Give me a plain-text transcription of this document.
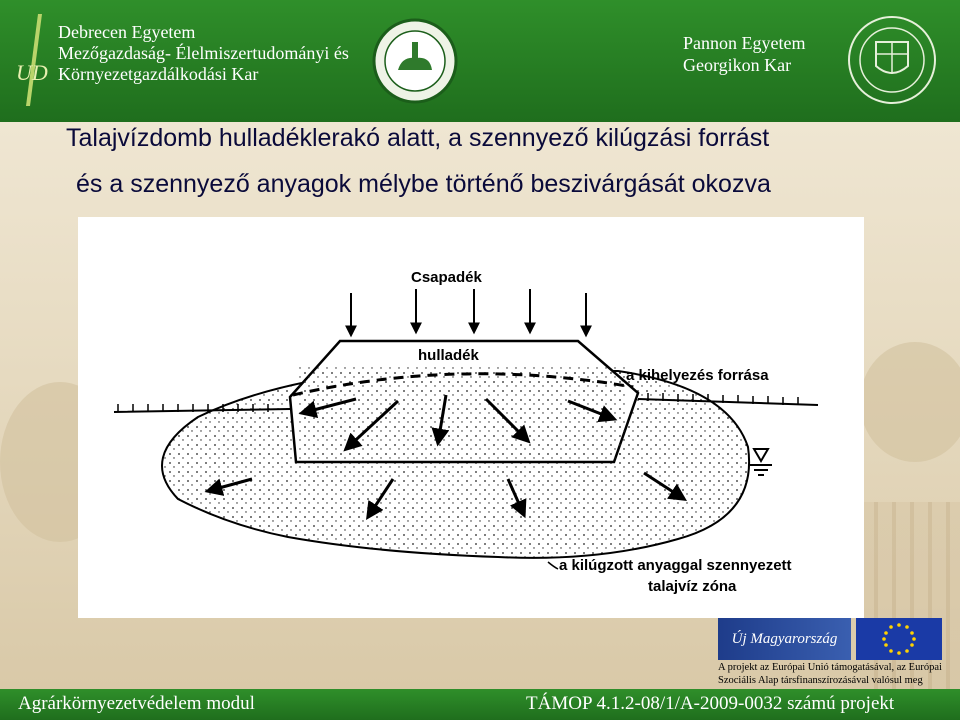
UD
Debrecen Egyetem
Mezőgazdaság- Élelmiszertudományi és
Környezetgazdálkodási Kar
Pannon Egyetem
Georgikon Kar
Talajvízdomb hulladéklerakó alatt, a szennyező kilúgzási forrást
és a szennyező anyagok mélybe történő beszivárgását okozva
Csapadék
hulladék
a kihelyezés forrása
a kilúgzott anyaggal szennyezett
talajvíz zóna
Új Magyarország
A projekt az Európai Unió támogatásával, az Európai
Szociális Alap társfinanszírozásával valósul meg
Agrárkörnyezetvédelem modul	TÁMOP 4.1.2-08/1/A-2009-0032 számú projekt
